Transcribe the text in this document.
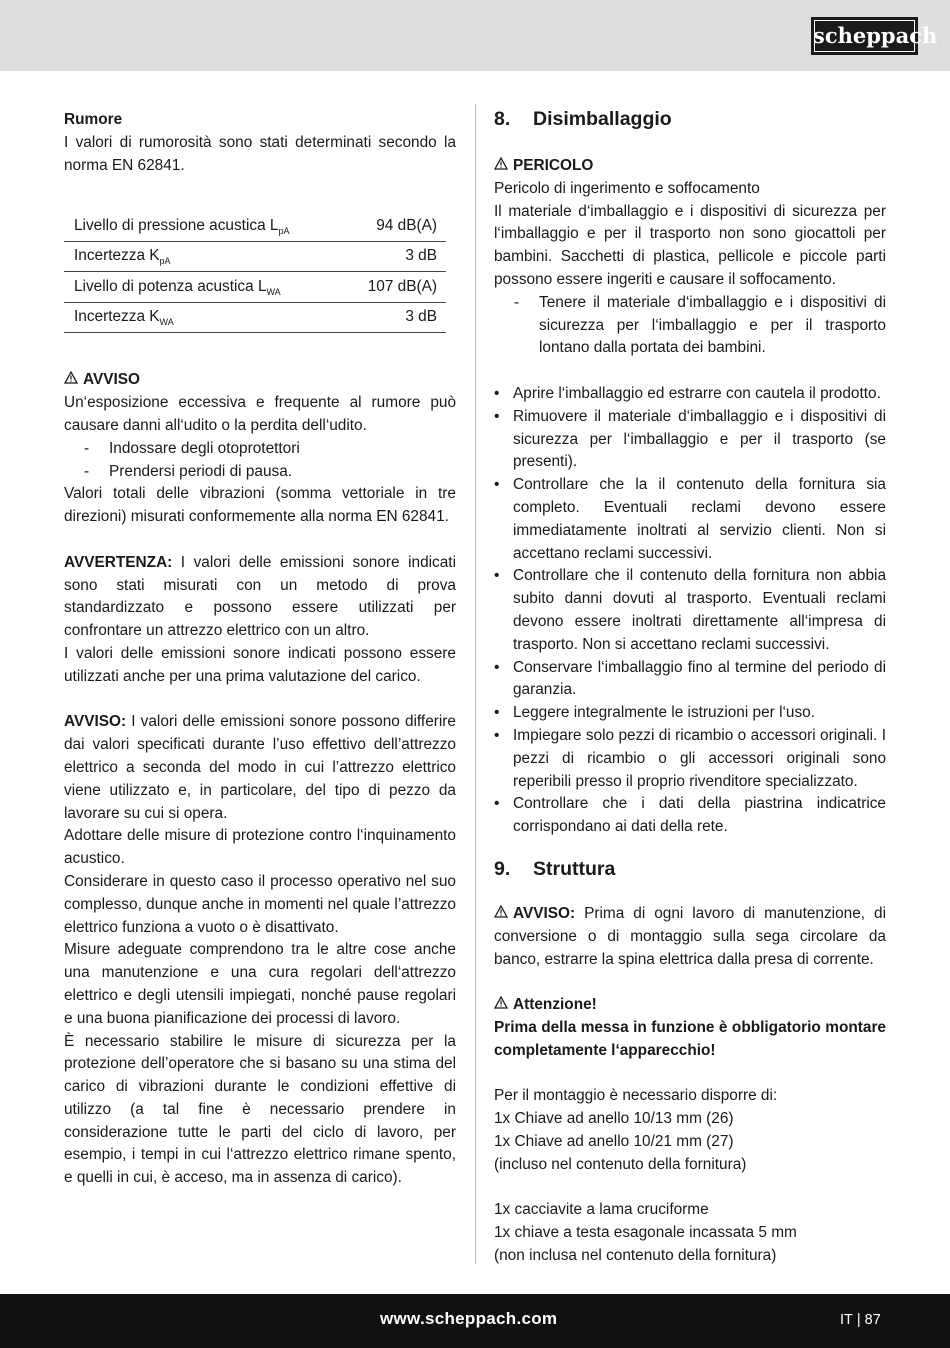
scheppach

Rumore

I valori di rumorosità sono stati determinati secondo la norma EN 62841.

Livello di pressione acustica $L_{pA}$	94 dB(A)
Incertezza $K_{pA}$	3 dB
Livello di potenza acustica $L_{WA}$	107 dB(A)
Incertezza $K_{WA}$	3 dB

AVVISO

Un‘esposizione eccessiva e frequente al rumore può causare danni all‘udito o la perdita dell‘udito.

- Indossare degli otoprotettori
- Prendersi periodi di pausa.

Valori totali delle vibrazioni (somma vettoriale in tre direzioni) misurati conformemente alla norma EN 62841.

AVVERTENZA: I valori delle emissioni sonore indicati sono stati misurati con un metodo di prova standardizzato e possono essere utilizzati per confrontare un attrezzo elettrico con un altro.

I valori delle emissioni sonore indicati possono essere utilizzati anche per una prima valutazione del carico.

AVVISO: I valori delle emissioni sonore possono differire dai valori specificati durante l’uso effettivo dell’attrezzo elettrico a seconda del modo in cui l’attrezzo elettrico viene utilizzato e, in particolare, del tipo di pezzo da lavorare su cui si opera.

Adottare delle misure di protezione contro l‘inquinamento acustico.

Considerare in questo caso il processo operativo nel suo complesso, dunque anche in momenti nel quale l’attrezzo elettrico funziona a vuoto o è disattivato.

Misure adeguate comprendono tra le altre cose anche una manutenzione e una cura regolari dell‘attrezzo elettrico e degli utensili impiegati, nonché pause regolari e una buona pianificazione dei processi di lavoro.

È necessario stabilire le misure di sicurezza per la protezione dell’operatore che si basano su una stima del carico di vibrazioni durante le condizioni effettive di utilizzo (a tal fine è necessario prendere in considerazione tutte le parti del ciclo di lavoro, per esempio, i tempi in cui l‘attrezzo elettrico rimane spento, e quelli in cui, è acceso, ma in assenza di carico).

8. Disimballaggio

PERICOLO

Pericolo di ingerimento e soffocamento

Il materiale d‘imballaggio e i dispositivi di sicurezza per l‘imballaggio e per il trasporto non sono giocattoli per bambini. Sacchetti di plastica, pellicole e piccole parti possono essere ingeriti e causare il soffocamento.

- Tenere il materiale d‘imballaggio e i dispositivi di sicurezza per l‘imballaggio e per il trasporto lontano dalla portata dei bambini.
• Aprire l‘imballaggio ed estrarre con cautela il prodotto.
• Rimuovere il materiale d‘imballaggio e i dispositivi di sicurezza per l‘imballaggio e per il trasporto (se presenti).
• Controllare che la il contenuto della fornitura sia completo. Eventuali reclami devono essere immediatamente inoltrati al servizio clienti. Non si accettano reclami successivi.
• Controllare che il contenuto della fornitura non abbia subito danni dovuti al trasporto. Eventuali reclami devono essere inoltrati direttamente all‘impresa di trasporto. Non si accettano reclami successivi.
• Conservare l‘imballaggio fino al termine del periodo di garanzia.
• Leggere integralmente le istruzioni per l‘uso.
• Impiegare solo pezzi di ricambio o accessori originali. I pezzi di ricambio o gli accessori originali sono reperibili presso il proprio rivenditore specializzato.
• Controllare che i dati della piastrina indicatrice corrispondano ai dati della rete.
9. Struttura

AVVISO: Prima di ogni lavoro di manutenzione, di conversione o di montaggio sulla sega circolare da banco, estrarre la spina elettrica dalla presa di corrente.

Attenzione!

Prima della messa in funzione è obbligatorio montare completamente l‘apparecchio!

Per il montaggio è necessario disporre di:

1x Chiave ad anello 10/13 mm (26)

1x Chiave ad anello 10/21 mm (27)

(incluso nel contenuto della fornitura)

1x cacciavite a lama cruciforme

1x chiave a testa esagonale incassata 5 mm

(non inclusa nel contenuto della fornitura)

www.scheppach.com	IT | 87
